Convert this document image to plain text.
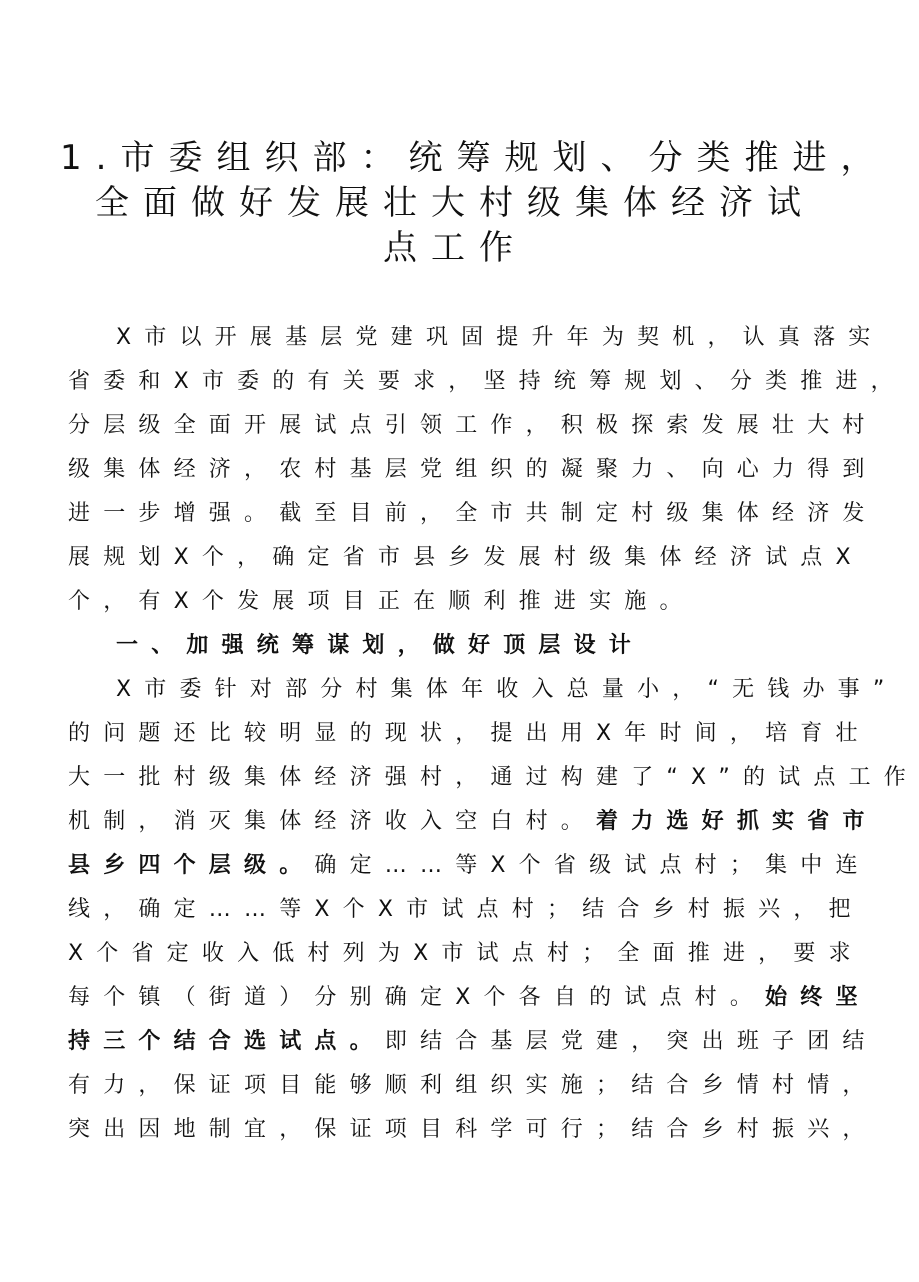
1.市委组织部：统筹规划、分类推进，
全面做好发展壮大村级集体经济试
点工作
X市以开展基层党建巩固提升年为契机，认真落实
省委和X市委的有关要求，坚持统筹规划、分类推进，
分层级全面开展试点引领工作，积极探索发展壮大村
级集体经济，农村基层党组织的凝聚力、向心力得到
进一步增强。截至目前，全市共制定村级集体经济发
展规划X个，确定省市县乡发展村级集体经济试点X
个，有X个发展项目正在顺利推进实施。
一、加强统筹谋划，做好顶层设计
X市委针对部分村集体年收入总量小，“无钱办事”
的问题还比较明显的现状，提出用X年时间，培育壮
大一批村级集体经济强村，通过构建了“X”的试点工作
机制，消灭集体经济收入空白村。着力选好抓实省市
县乡四个层级。确定……等X个省级试点村；集中连
线，确定……等X个X市试点村；结合乡村振兴，把
X个省定收入低村列为X市试点村；全面推进，要求
每个镇（街道）分别确定X个各自的试点村。始终坚
持三个结合选试点。即结合基层党建，突出班子团结
有力，保证项目能够顺利组织实施；结合乡情村情，
突出因地制宜，保证项目科学可行；结合乡村振兴，
